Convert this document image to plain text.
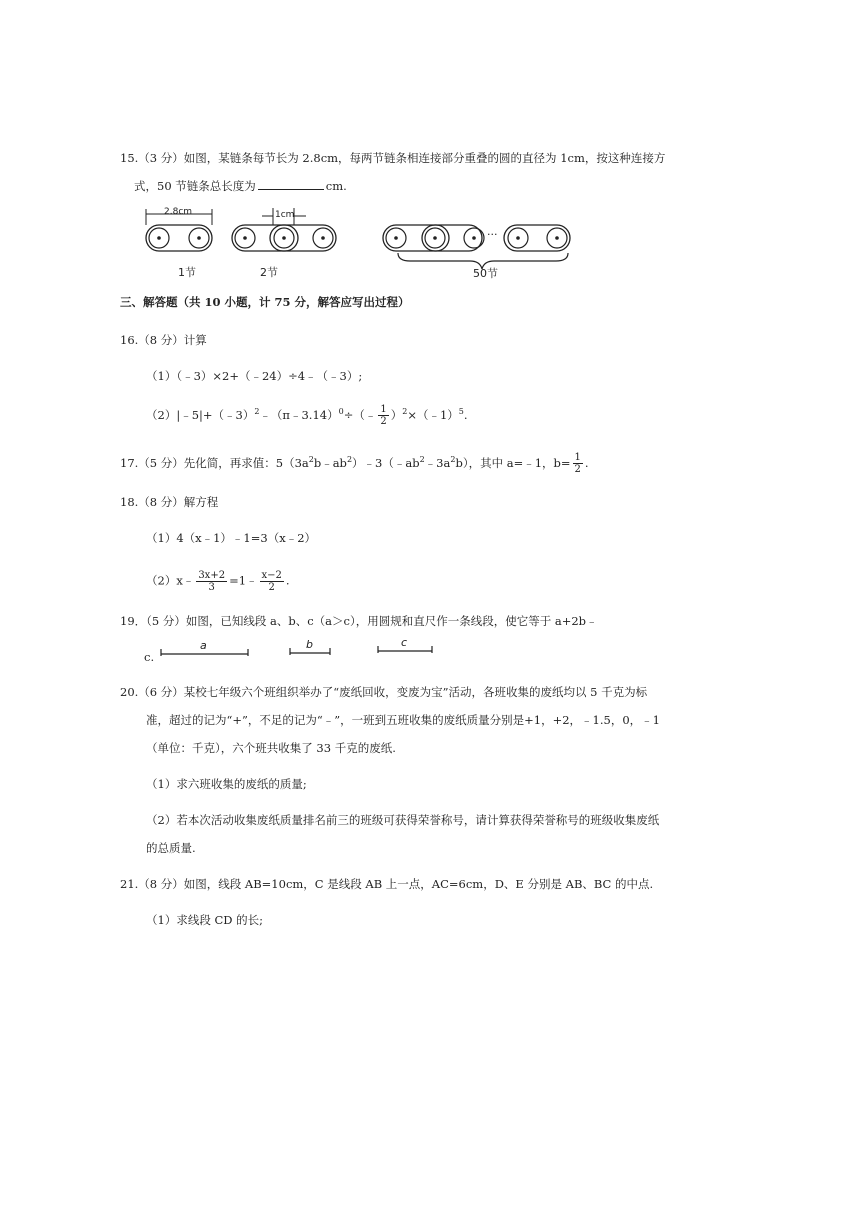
15.（3 分）如图，某链条每节长为 2.8cm，每两节链条相连接部分重叠的圆的直径为 1cm，按这种连接方
式，50 节链条总长度为	cm.
2.8cm
1节
1cm
2节
···
50节
三、解答题（共 10 小题，计 75 分，解答应写出过程）
16.（8 分）计算
（1）（﹣3）×2+（﹣24）÷4﹣（﹣3）;
（2）|﹣5|+（﹣3）$^2$﹣（π﹣3.14）$^0$÷（﹣ $\frac{1}{2}$ ）$^2$×（﹣1）$^5$.
17.（5 分）先化简，再求值：$5(3a^2b﹣ab^2)﹣3(﹣ab^2﹣3a^2b)$，其中 a=﹣1，$b= \frac{1}{2}$ .
18.（8 分）解方程
（1）4（x﹣1）﹣1=3（x﹣2）
（2）x﹣ $\frac{3x+2}{3}$ =1﹣ $\frac{x-2}{2}$ .
19．（5 分）如图，已知线段 a、b、c（a＞c），用圆规和直尺作一条线段，使它等于 a+2b﹣
c.
a	b	c
20.（6 分）某校七年级六个班组织举办了“废纸回收，变废为宝”活动，各班收集的废纸均以 5 千克为标
准，超过的记为“+”，不足的记为“﹣”，一班到五班收集的废纸质量分别是+1，+2，﹣1.5，0，﹣1
（单位：千克），六个班共收集了 33 千克的废纸.
（1）求六班收集的废纸的质量;
（2）若本次活动收集废纸质量排名前三的班级可获得荣誉称号，请计算获得荣誉称号的班级收集废纸
的总质量.
21.（8 分）如图，线段 AB=10cm，C 是线段 AB 上一点，AC=6cm，D、E 分别是 AB、BC 的中点.
（1）求线段 CD 的长;
